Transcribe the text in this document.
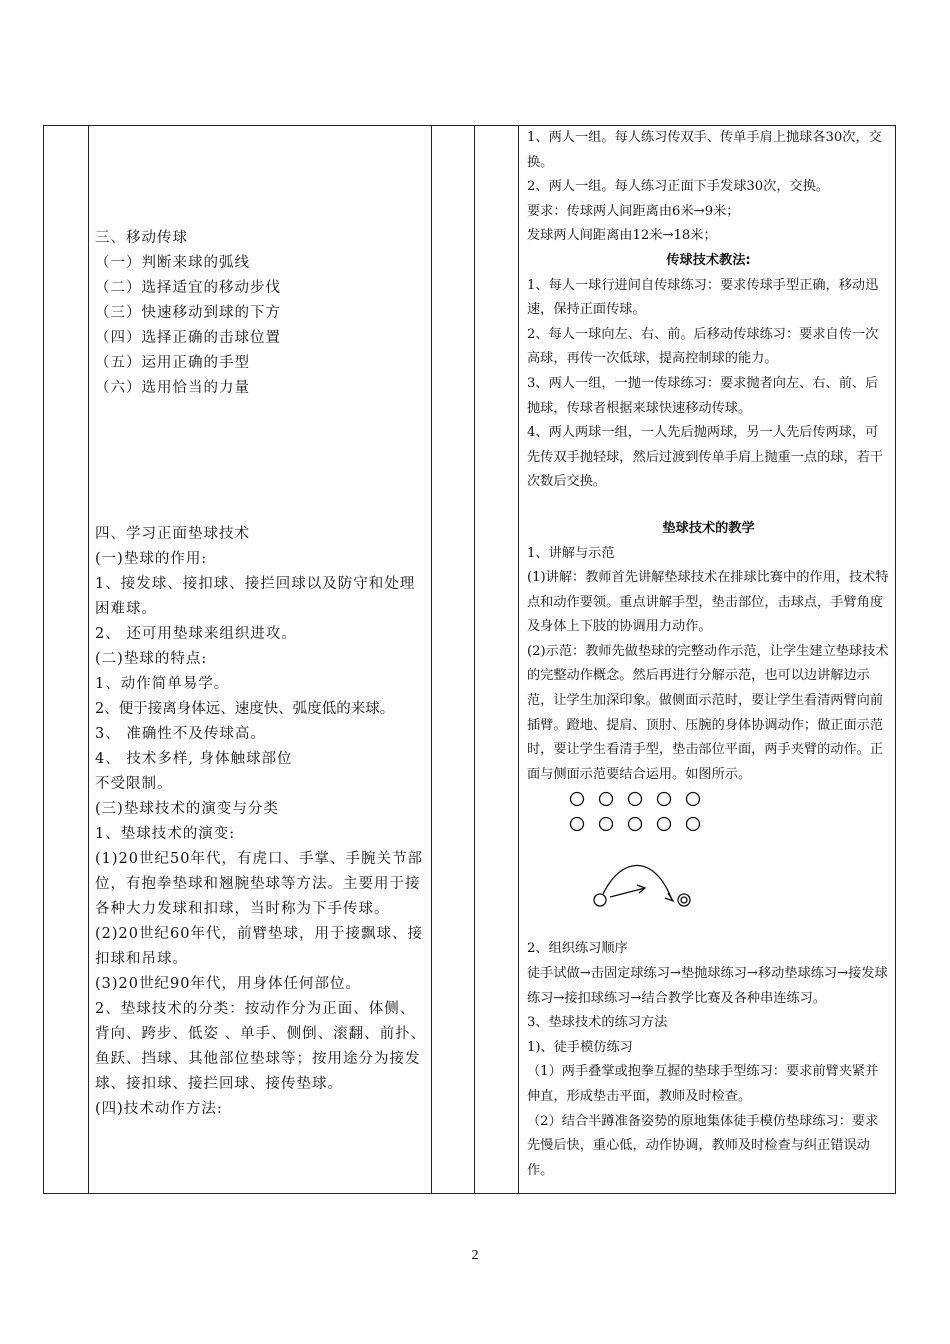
三、移动传球
（一）判断来球的弧线
（二）选择适宜的移动步伐
（三）快速移动到球的下方
（四）选择正确的击球位置
（五）运用正确的手型
（六）选用恰当的力量
四、学习正面垫球技术
(一)垫球的作用:
1、接发球、接扣球、接拦回球以及防守和处理困难球。
2、 还可用垫球来组织进攻。
(二)垫球的特点:
1、动作简单易学。
2、便于接离身体远、速度快、弧度低的来球。
3、 准确性不及传球高。
4、 技术多样, 身体触球部位
不受限制。
(三)垫球技术的演变与分类
1、垫球技术的演变:
(1)20世纪50年代，有虎口、手掌、手腕关节部位，有抱拳垫球和翘腕垫球等方法。主要用于接各种大力发球和扣球，当时称为下手传球。
(2)20世纪60年代，前臂垫球，用于接飘球、接扣球和吊球。
(3)20世纪90年代，用身体任何部位。
2、垫球技术的分类：按动作分为正面、体侧、背向、跨步、低姿 、单手、侧倒、滚翻、前扑、鱼跃、挡球、其他部位垫球等；按用途分为接发球、接扣球、接拦回球、接传垫球。
(四)技术动作方法:
1、两人一组。每人练习传双手、传单手肩上抛球各30次，交换。
2、两人一组。每人练习正面下手发球30次，交换。
要求：传球两人间距离由6米→9米；
发球两人间距离由12米→18米；
传球技术教法:
1、每人一球行进间自传球练习：要求传球手型正确，移动迅速，保持正面传球。
2、每人一球向左、右、前。后移动传球练习：要求自传一次高球，再传一次低球，提高控制球的能力。
3、两人一组，一抛一传球练习：要求抛者向左、右、前、后抛球，传球者根据来球快速移动传球。
4、两人两球一组，一人先后抛两球，另一人先后传两球，可先传双手抛轻球，然后过渡到传单手肩上抛重一点的球，若干次数后交换。
垫球技术的教学
1、讲解与示范
(1)讲解：教师首先讲解垫球技术在排球比赛中的作用，技术特点和动作要领。重点讲解手型，垫击部位，击球点，手臂角度及身体上下肢的协调用力动作。
(2)示范：教师先做垫球的完整动作示范，让学生建立垫球技术的完整动作概念。然后再进行分解示范，也可以边讲解边示范，让学生加深印象。做侧面示范时，要让学生看清两臂向前插臂。蹬地、提肩、顶肘、压腕的身体协调动作；做正面示范时，要让学生看清手型，垫击部位平面，两手夹臂的动作。正面与侧面示范要结合运用。如图所示。
2、组织练习顺序
徒手试做→击固定球练习→垫抛球练习→移动垫球练习→接发球练习→接扣球练习→结合教学比赛及各种串连练习。
3、垫球技术的练习方法
1)、徒手模仿练习
（1）两手叠掌或抱拳互握的垫球手型练习：要求前臂夹紧并伸直，形成垫击平面，教师及时检查。
（2）结合半蹲准备姿势的原地集体徒手模仿垫球练习：要求先慢后快，重心低，动作协调，教师及时检查与纠正错误动作。
2
